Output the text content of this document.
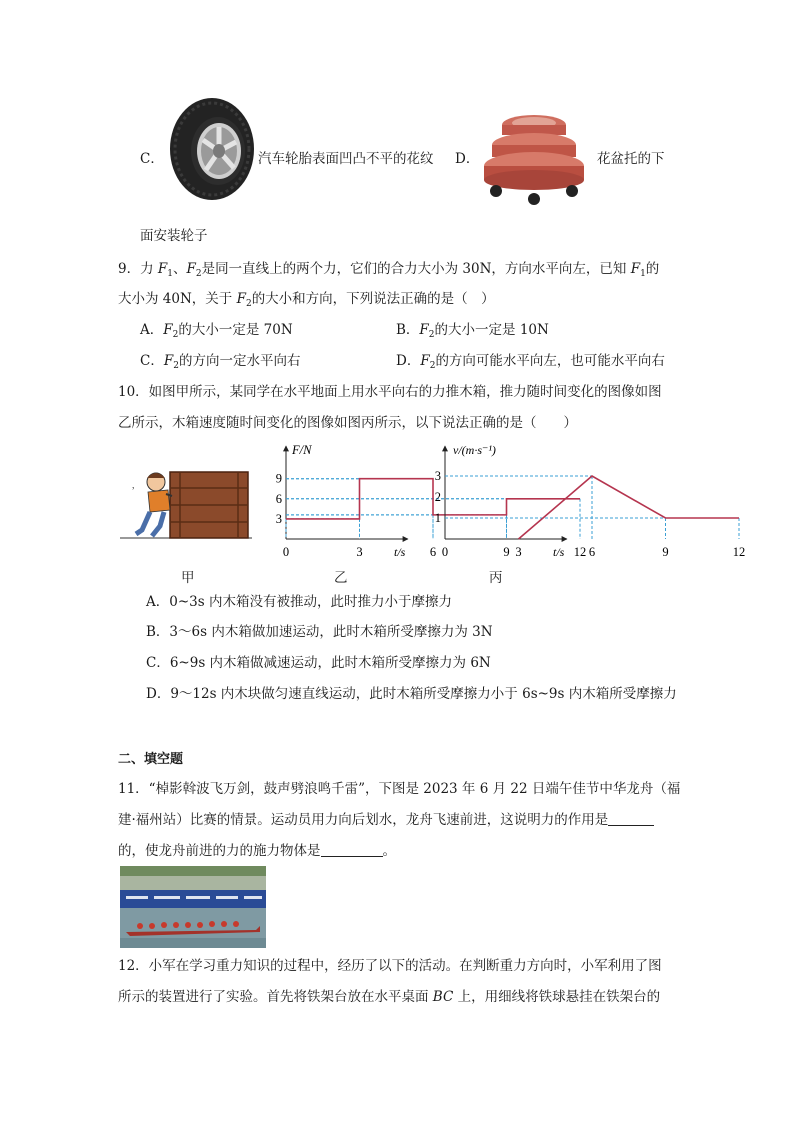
C．	汽车轮胎表面凹凸不平的花纹 D．	花盆托的下
面安装轮子
9．力 $F_1$、$F_2$是同一直线上的两个力，它们的合力大小为 30N，方向水平向左，已知 $F_1$的
大小为 40N，关于 $F_2$的大小和方向，下列说法正确的是（　）
A．$F_2$的大小一定是 70N	B．$F_2$的大小一定是 10N
C．$F_2$的方向一定水平向右	D．$F_2$的方向可能水平向左，也可能水平向右
10．如图甲所示，某同学在水平地面上用水平向右的力推木箱，推力随时间变化的图像如图
乙所示，木箱速度随时间变化的图像如图丙所示，以下说法正确的是（　　）
,
甲
3	6	9	12
3
6
9
0
F/N
t/s
乙
3	6	9	12
1
2
3
0
v/(m·s⁻¹)
t/s
丙
A．0~3s 内木箱没有被推动，此时推力小于摩擦力
B．3～6s 内木箱做加速运动，此时木箱所受摩擦力为 3N
C．6~9s 内木箱做减速运动，此时木箱所受摩擦力为 6N
D．9～12s 内木块做匀速直线运动，此时木箱所受摩擦力小于 6s~9s 内木箱所受摩擦力
二、填空题
11．“棹影斡波飞万剑，鼓声劈浪鸣千雷”，下图是 2023 年 6 月 22 日端午佳节中华龙舟（福
建·福州站）比赛的情景。运动员用力向后划水，龙舟飞速前进，这说明力的作用是
的，使龙舟前进的力的施力物体是	。
12．小军在学习重力知识的过程中，经历了以下的活动。在判断重力方向时，小军利用了图
所示的装置进行了实验。首先将铁架台放在水平桌面 BC 上，用细线将铁球悬挂在铁架台的
